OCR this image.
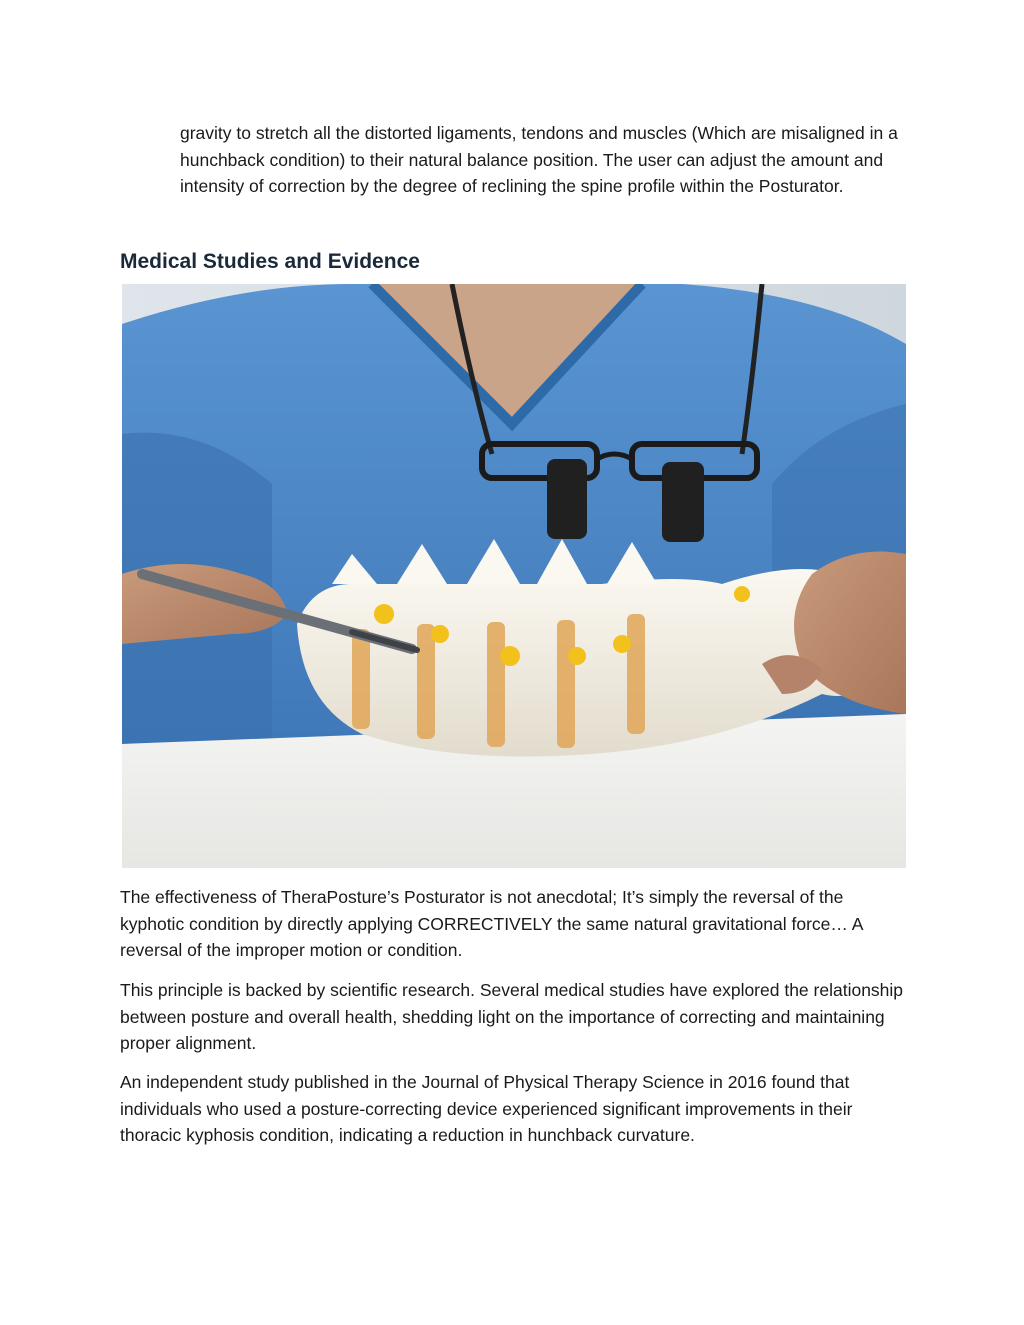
gravity to stretch all the distorted ligaments, tendons and muscles (Which are misaligned in a hunchback condition) to their natural balance position. The user can adjust the amount and intensity of correction by the degree of reclining the spine profile within the Posturator.

Medical Studies and Evidence

The effectiveness of TheraPosture’s Posturator is not anecdotal; It’s simply the reversal of the kyphotic condition by directly applying CORRECTIVELY the same natural gravitational force… A reversal of the improper motion or condition.

This principle is backed by scientific research. Several medical studies have explored the relationship between posture and overall health, shedding light on the importance of correcting and maintaining proper alignment.

An independent study published in the Journal of Physical Therapy Science in 2016 found that individuals who used a posture-correcting device experienced significant improvements in their thoracic kyphosis condition, indicating a reduction in hunchback curvature.
